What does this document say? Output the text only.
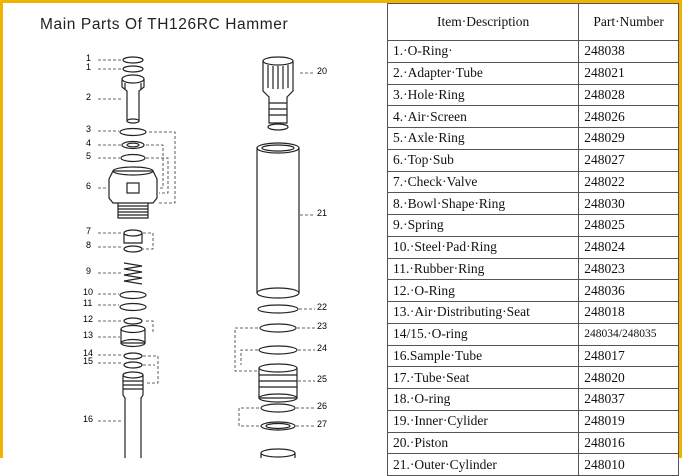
Main Parts Of TH126RC Hammer
1
1
2
3
4
5
6
7
8
9
10
11
12
13
14
15
16
20
21
22
23
24
25
26
27
Item·Description	Part·Number
1.·O-Ring·	248038
2.·Adapter·Tube	248021
3.·Hole·Ring	248028
4.·Air·Screen	248026
5.·Axle·Ring	248029
6.·Top·Sub	248027
7.·Check·Valve	248022
8.·Bowl·Shape·Ring	248030
9.·Spring	248025
10.·Steel·Pad·Ring	248024
11.·Rubber·Ring	248023
12.·O-Ring	248036
13.·Air·Distributing·Seat	248018
14/15.·O-ring	248034/248035
16.Sample·Tube	248017
17.·Tube·Seat	248020
18.·O-ring	248037
19.·Inner·Cylider	248019
20.·Piston	248016
21.·Outer·Cylinder	248010
